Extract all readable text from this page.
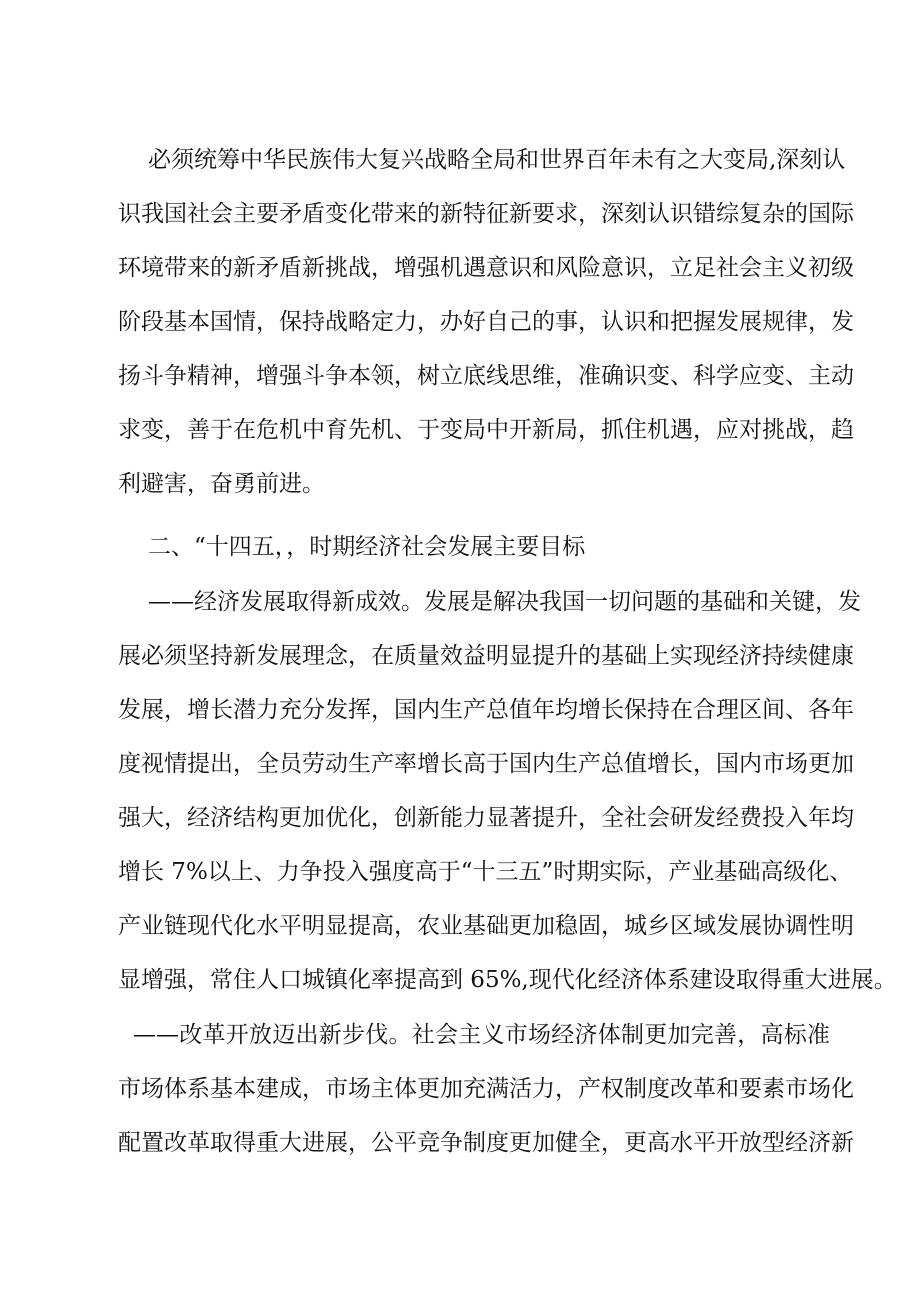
必须统筹中华民族伟大复兴战略全局和世界百年未有之大变局,深刻认
识我国社会主要矛盾变化带来的新特征新要求，深刻认识错综复杂的国际
环境带来的新矛盾新挑战，增强机遇意识和风险意识，立足社会主义初级
阶段基本国情，保持战略定力，办好自己的事，认识和把握发展规律，发
扬斗争精神，增强斗争本领，树立底线思维，准确识变、科学应变、主动
求变，善于在危机中育先机、于变局中开新局，抓住机遇，应对挑战，趋
利避害，奋勇前进。
二、“十四五，，时期经济社会发展主要目标
——经济发展取得新成效。发展是解决我国一切问题的基础和关键，发
展必须坚持新发展理念，在质量效益明显提升的基础上实现经济持续健康
发展，增长潜力充分发挥，国内生产总值年均增长保持在合理区间、各年
度视情提出，全员劳动生产率增长高于国内生产总值增长，国内市场更加
强大，经济结构更加优化，创新能力显著提升，全社会研发经费投入年均
增长 7%以上、力争投入强度高于“十三五”时期实际，产业基础高级化、
产业链现代化水平明显提高，农业基础更加稳固，城乡区域发展协调性明
显增强，常住人口城镇化率提高到 65%,现代化经济体系建设取得重大进展。
——改革开放迈出新步伐。社会主义市场经济体制更加完善，高标准
市场体系基本建成，市场主体更加充满活力，产权制度改革和要素市场化
配置改革取得重大进展，公平竞争制度更加健全，更高水平开放型经济新
